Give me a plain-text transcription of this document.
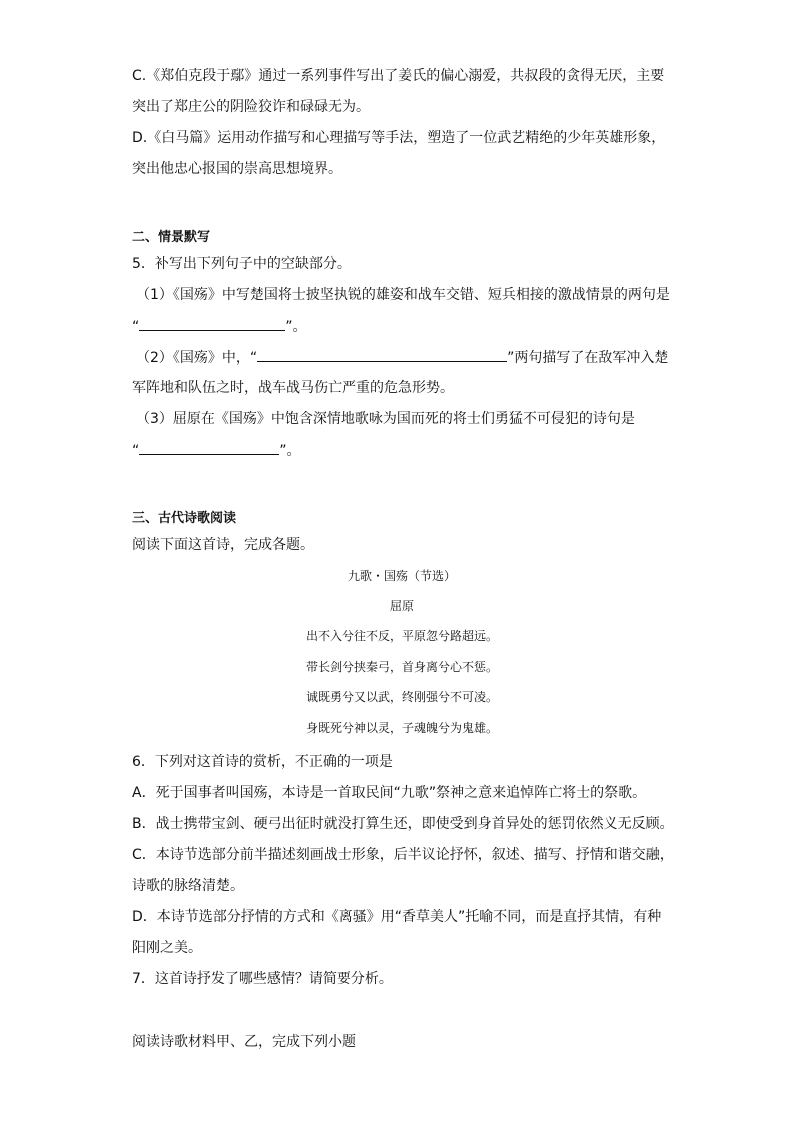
C.《郑伯克段于鄢》通过一系列事件写出了姜氏的偏心溺爱，共叔段的贪得无厌，主要
突出了郑庄公的阴险狡诈和碌碌无为。
D.《白马篇》运用动作描写和心理描写等手法，塑造了一位武艺精绝的少年英雄形象，
突出他忠心报国的崇高思想境界。
二、情景默写
5．补写出下列句子中的空缺部分。
（1）《国殇》中写楚国将士披坚执锐的雄姿和战车交错、短兵相接的激战情景的两句是
“	”。
（2）《国殇》中，“	”两句描写了在敌军冲入楚
军阵地和队伍之时，战车战马伤亡严重的危急形势。
（3）屈原在《国殇》中饱含深情地歌咏为国而死的将士们勇猛不可侵犯的诗句是
“	”。
三、古代诗歌阅读
阅读下面这首诗，完成各题。
九歌・国殇（节选）
屈原
出不入兮往不反，平原忽兮路超远。
带长剑兮挟秦弓，首身离兮心不惩。
诚既勇兮又以武，终刚强兮不可凌。
身既死兮神以灵，子魂魄兮为鬼雄。
6．下列对这首诗的赏析，不正确的一项是
A．死于国事者叫国殇，本诗是一首取民间“九歌”祭神之意来追悼阵亡将士的祭歌。
B．战士携带宝剑、硬弓出征时就没打算生还，即使受到身首异处的惩罚依然义无反顾。
C．本诗节选部分前半描述刻画战士形象，后半议论抒怀，叙述、描写、抒情和谐交融，
诗歌的脉络清楚。
D．本诗节选部分抒情的方式和《离骚》用“香草美人”托喻不同，而是直抒其情，有种
阳刚之美。
7．这首诗抒发了哪些感情？请简要分析。
阅读诗歌材料甲、乙，完成下列小题
